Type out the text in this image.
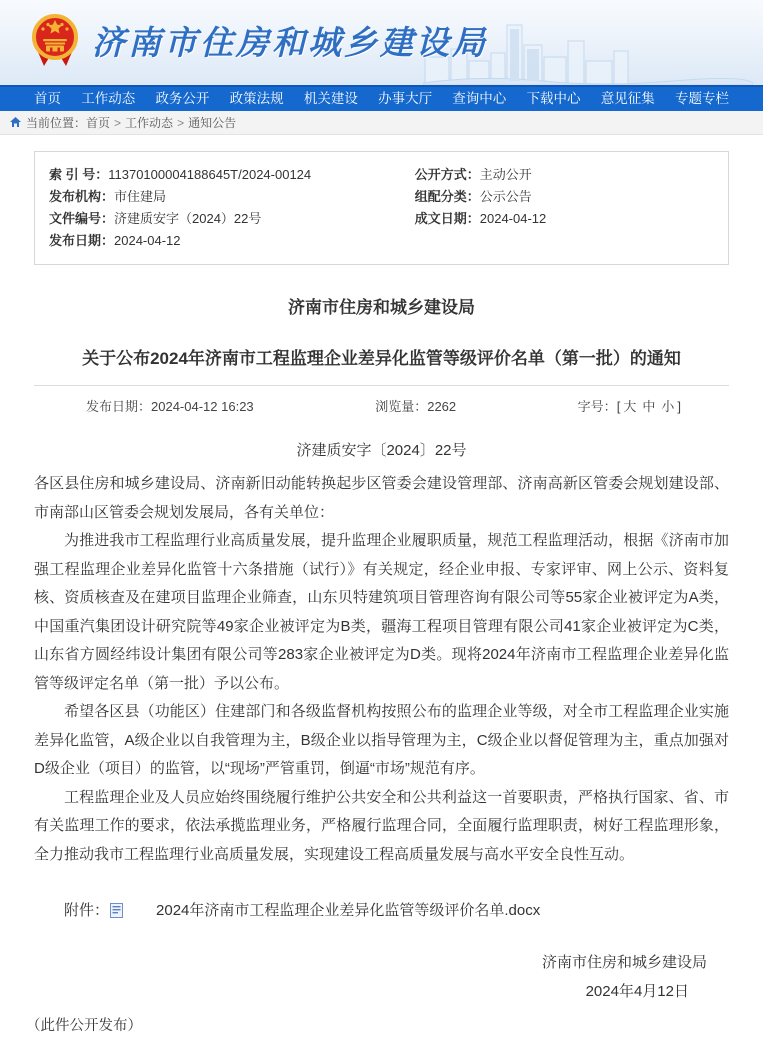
济南市住房和城乡建设局
首页	工作动态	政务公开	政策法规	机关建设	办事大厅	查询中心	下载中心	意见征集	专题专栏
当前位置： 首页	> 工作动态	> 通知公告
索 引 号：11370100004188645T/2024-00124
发布机构：市住建局
文件编号：济建质安字（2024）22号
发布日期：2024-04-12
公开方式：主动公开
组配分类：公示公告
成文日期：2024-04-12
济南市住房和城乡建设局
关于公布2024年济南市工程监理企业差异化监管等级评价名单（第一批）的通知
发布日期：2024-04-12 16:23	浏览量：2262	字号：[ 大 中 小 ]
济建质安字〔2024〕22号

各区县住房和城乡建设局、济南新旧动能转换起步区管委会建设管理部、济南高新区管委会规划建设部、市南部山区管委会规划发展局，各有关单位：

为推进我市工程监理行业高质量发展，提升监理企业履职质量，规范工程监理活动，根据《济南市加强工程监理企业差异化监管十六条措施（试行）》有关规定，经企业申报、专家评审、网上公示、资料复核、资质核查及在建项目监理企业筛查，山东贝特建筑项目管理咨询有限公司等55家企业被评定为A类，中国重汽集团设计研究院等49家企业被评定为B类，疆海工程项目管理有限公司41家企业被评定为C类，山东省方圆经纬设计集团有限公司等283家企业被评定为D类。现将2024年济南市工程监理企业差异化监管等级评定名单（第一批）予以公布。

希望各区县（功能区）住建部门和各级监督机构按照公布的监理企业等级，对全市工程监理企业实施差异化监管，A级企业以自我管理为主，B级企业以指导管理为主，C级企业以督促管理为主，重点加强对D级企业（项目）的监管，以“现场”严管重罚，倒逼“市场”规范有序。

工程监理企业及人员应始终围绕履行维护公共安全和公共利益这一首要职责，严格执行国家、省、市有关监理工作的要求，依法承揽监理业务，严格履行监理合同，全面履行监理职责，树好工程监理形象，全力推动我市工程监理行业高质量发展，实现建设工程高质量发展与高水平安全良性互动。

附件：	2024年济南市工程监理企业差异化监管等级评价名单.docx
济南市住房和城乡建设局
2024年4月12日
（此件公开发布）
